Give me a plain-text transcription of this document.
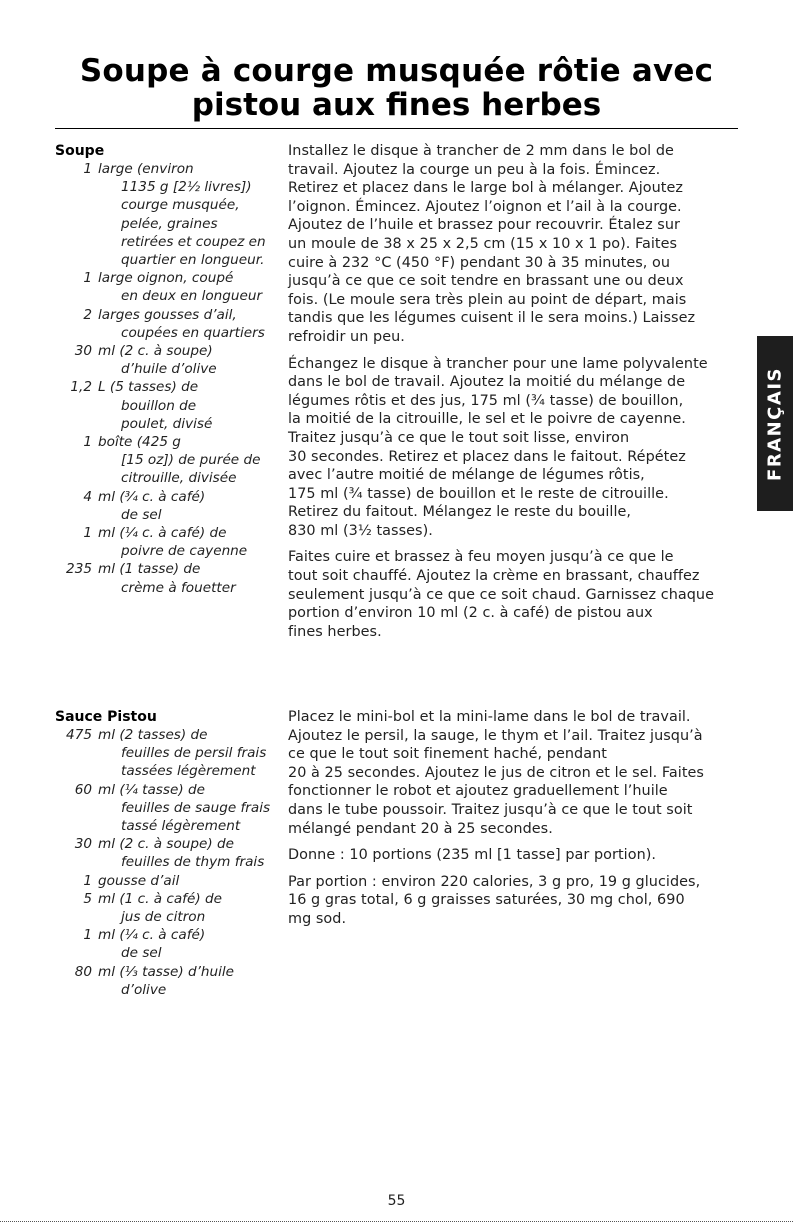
Soupe à courge musquée rôtie avec
pistou aux fines herbes
Soupe
1 large (environ
1135 g [2½ livres])
courge musquée,
pelée, graines
retirées et coupez en
quartier en longueur.
1 large oignon, coupé
en deux en longueur
2 larges gousses d’ail,
coupées en quartiers
30 ml (2 c. à soupe)
d’huile d’olive
1,2 L (5 tasses) de
bouillon de
poulet, divisé
1 boîte (425 g
[15 oz]) de purée de
citrouille, divisée
4 ml (¾ c. à café)
de sel
1 ml (¼ c. à café) de
poivre de cayenne
235 ml (1 tasse) de
crème à fouetter

Installez le disque à trancher de 2 mm dans le bol de
travail. Ajoutez la courge un peu à la fois. Émincez.
Retirez et placez dans le large bol à mélanger. Ajoutez
l’oignon. Émincez. Ajoutez l’oignon et l’ail à la courge.
Ajoutez de l’huile et brassez pour recouvrir. Étalez sur
un moule de 38 x 25 x 2,5 cm (15 x 10 x 1 po). Faites
cuire à 232 °C (450 °F) pendant 30 à 35 minutes, ou
jusqu’à ce que ce soit tendre en brassant une ou deux
fois. (Le moule sera très plein au point de départ, mais
tandis que les légumes cuisent il le sera moins.) Laissez
refroidir un peu.

Échangez le disque à trancher pour une lame polyvalente
dans le bol de travail. Ajoutez la moitié du mélange de
légumes rôtis et des jus, 175 ml (¾ tasse) de bouillon,
la moitié de la citrouille, le sel et le poivre de cayenne.
Traitez jusqu’à ce que le tout soit lisse, environ
30 secondes. Retirez et placez dans le faitout. Répétez
avec l’autre moitié de mélange de légumes rôtis,
175 ml (¾ tasse) de bouillon et le reste de citrouille.
Retirez du faitout. Mélangez le reste du bouille,
830 ml (3½ tasses).

Faites cuire et brassez à feu moyen jusqu’à ce que le
tout soit chauffé. Ajoutez la crème en brassant, chauffez
seulement jusqu’à ce que ce soit chaud. Garnissez chaque
portion d’environ 10 ml (2 c. à café) de pistou aux
fines herbes.

Sauce Pistou
475 ml (2 tasses) de
feuilles de persil frais
tassées légèrement
60 ml (¼ tasse) de
feuilles de sauge frais
tassé légèrement
30 ml (2 c. à soupe) de
feuilles de thym frais
1 gousse d’ail
5 ml (1 c. à café) de
jus de citron
1 ml (¼ c. à café)
de sel
80 ml (⅓ tasse) d’huile
d’olive

Placez le mini-bol et la mini-lame dans le bol de travail.
Ajoutez le persil, la sauge, le thym et l’ail. Traitez jusqu’à
ce que le tout soit finement haché, pendant
20 à 25 secondes. Ajoutez le jus de citron et le sel. Faites
fonctionner le robot et ajoutez graduellement l’huile
dans le tube poussoir. Traitez jusqu’à ce que le tout soit
mélangé pendant 20 à 25 secondes.

Donne : 10 portions (235 ml [1 tasse] par portion).

Par portion : environ 220 calories, 3 g pro, 19 g glucides,
16 g gras total, 6 g graisses saturées, 30 mg chol, 690
mg sod.

FRANÇAIS
55
